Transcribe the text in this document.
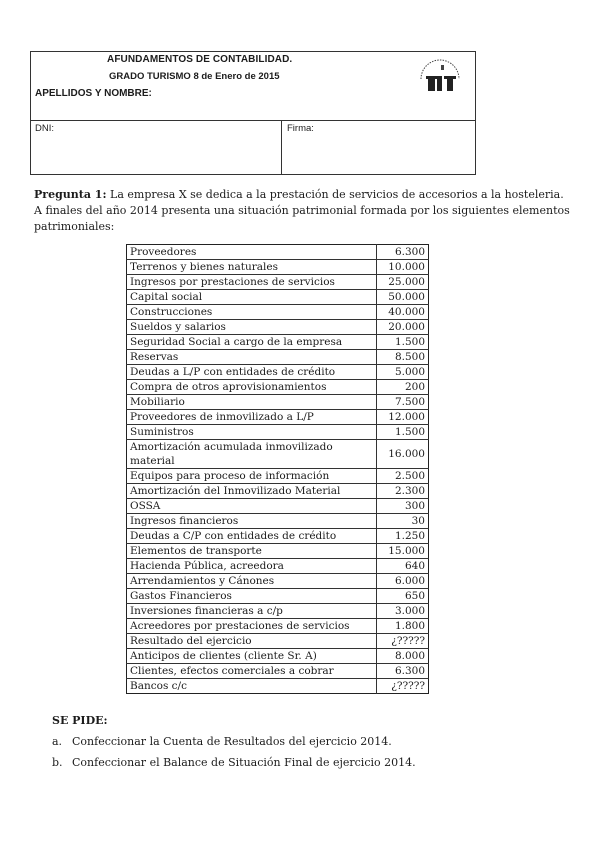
AFUNDAMENTOS DE CONTABILIDAD.
GRADO TURISMO 8 de Enero de 2015
APELLIDOS Y NOMBRE:
DNI:	Firma:
Pregunta 1: La empresa X se dedica a la prestación de servicios de accesorios a la hosteleria. A finales del año 2014 presenta una situación patrimonial formada por los siguientes elementos patrimoniales:
Proveedores	6.300
Terrenos y bienes naturales	10.000
Ingresos por prestaciones de servicios	25.000
Capital social	50.000
Construcciones	40.000
Sueldos y salarios	20.000
Seguridad Social a cargo de la empresa	1.500
Reservas	8.500
Deudas a L/P con entidades de crédito	5.000
Compra de otros aprovisionamientos	200
Mobiliario	7.500
Proveedores de inmovilizado a L/P	12.000
Suministros	1.500
Amortización acumulada inmovilizado material	16.000
Equipos para proceso de información	2.500
Amortización del Inmovilizado Material	2.300
OSSA	300
Ingresos financieros	30
Deudas a C/P con entidades de crédito	1.250
Elementos de transporte	15.000
Hacienda Pública, acreedora	640
Arrendamientos y Cánones	6.000
Gastos Financieros	650
Inversiones financieras a c/p	3.000
Acreedores por prestaciones de servicios	1.800
Resultado del ejercicio	¿?????
Anticipos de clientes (cliente Sr. A)	8.000
Clientes, efectos comerciales a cobrar	6.300
Bancos c/c	¿?????
SE PIDE:
a. Confeccionar la Cuenta de Resultados del ejercicio 2014.
b. Confeccionar el Balance de Situación Final de ejercicio 2014.
